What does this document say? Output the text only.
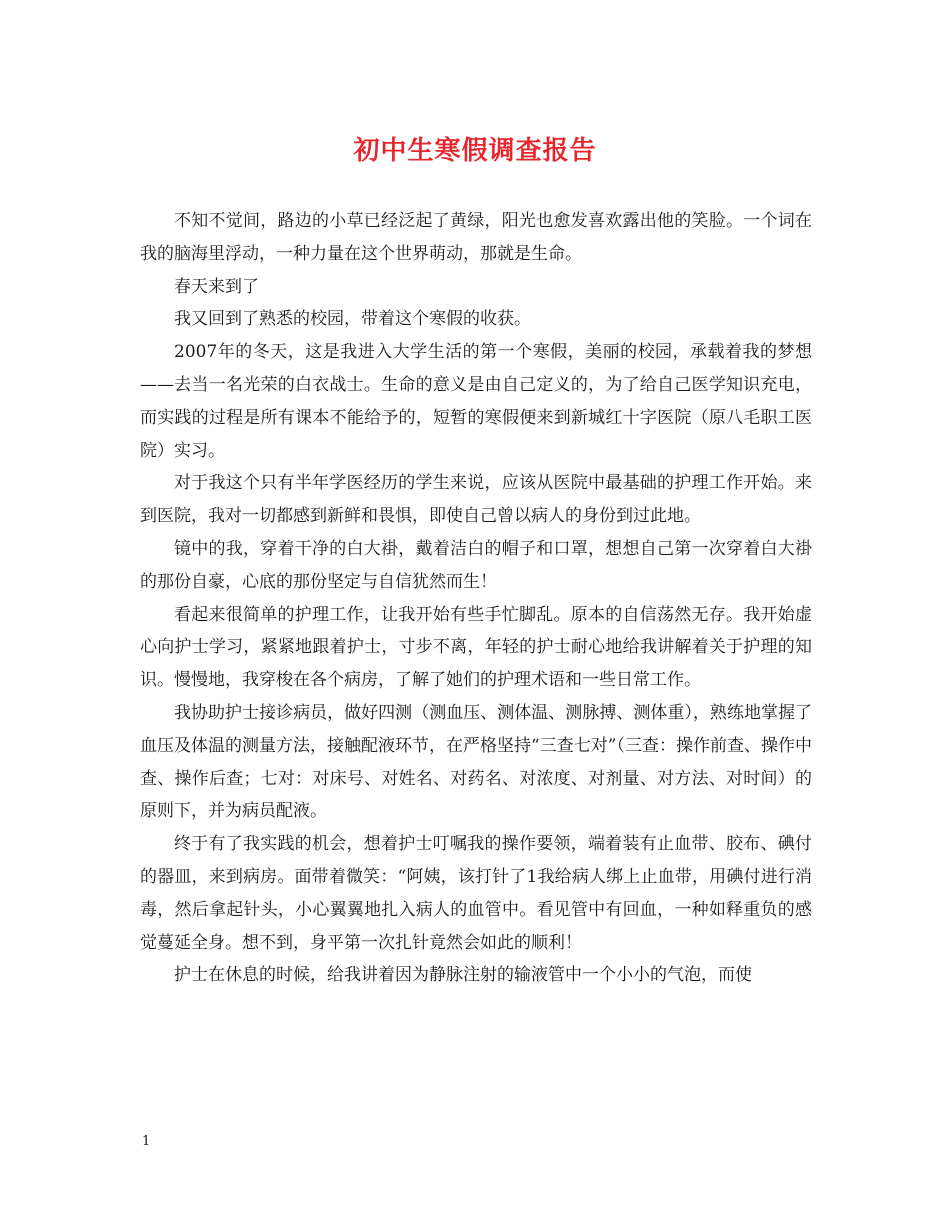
初中生寒假调查报告

不知不觉间，路边的小草已经泛起了黄绿，阳光也愈发喜欢露出他的笑脸。一个词在我的脑海里浮动，一种力量在这个世界萌动，那就是生命。

春天来到了

我又回到了熟悉的校园，带着这个寒假的收获。

2007年的冬天，这是我进入大学生活的第一个寒假，美丽的校园，承载着我的梦想——去当一名光荣的白衣战士。生命的意义是由自己定义的，为了给自己医学知识充电，而实践的过程是所有课本不能给予的，短暂的寒假便来到新城红十字医院（原八毛职工医院）实习。

对于我这个只有半年学医经历的学生来说，应该从医院中最基础的护理工作开始。来到医院，我对一切都感到新鲜和畏惧，即使自己曾以病人的身份到过此地。

镜中的我，穿着干净的白大褂，戴着洁白的帽子和口罩，想想自己第一次穿着白大褂的那份自豪，心底的那份坚定与自信犹然而生！

看起来很简单的护理工作，让我开始有些手忙脚乱。原本的自信荡然无存。我开始虚心向护士学习，紧紧地跟着护士，寸步不离，年轻的护士耐心地给我讲解着关于护理的知识。慢慢地，我穿梭在各个病房，了解了她们的护理术语和一些日常工作。

我协助护士接诊病员，做好四测（测血压、测体温、测脉搏、测体重），熟练地掌握了血压及体温的测量方法，接触配液环节，在严格坚持“三查七对”（三查：操作前查、操作中查、操作后查；七对：对床号、对姓名、对药名、对浓度、对剂量、对方法、对时间）的原则下，并为病员配液。

终于有了我实践的机会，想着护士叮嘱我的操作要领，端着装有止血带、胶布、碘付的器皿，来到病房。面带着微笑：“阿姨，该打针了1我给病人绑上止血带，用碘付进行消毒，然后拿起针头，小心翼翼地扎入病人的血管中。看见管中有回血，一种如释重负的感觉蔓延全身。想不到，身平第一次扎针竟然会如此的顺利！

护士在休息的时候，给我讲着因为静脉注射的输液管中一个小小的气泡，而使

1
